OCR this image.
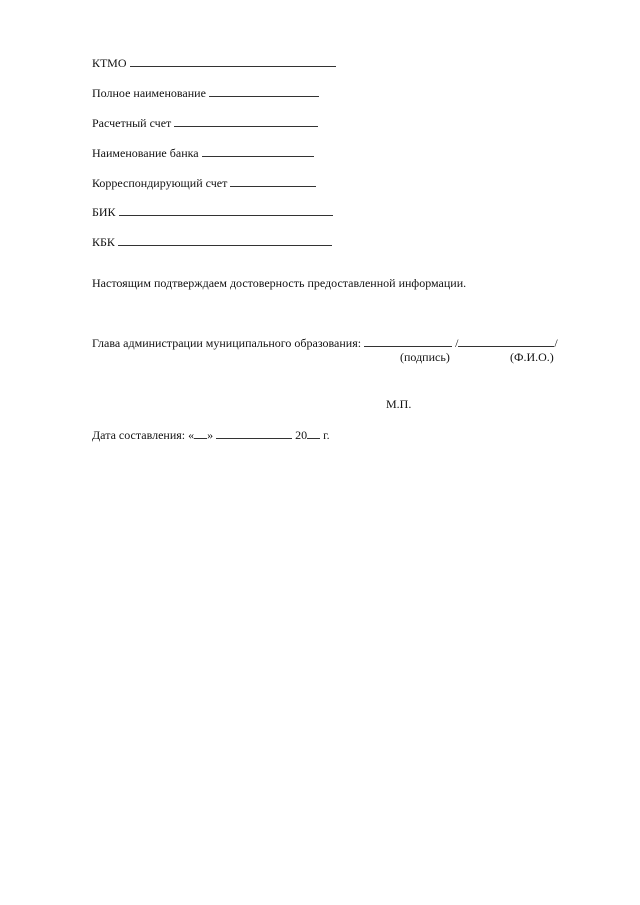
КТМО
Полное наименование
Расчетный счет
Наименование банка
Корреспондирующий счет
БИК
КБК
Настоящим подтверждаем достоверность предоставленной информации.
Глава администрации муниципального образования:	/	/
(подпись)	(Ф.И.О.)
М.П.
Дата составления: « »	20 г.
